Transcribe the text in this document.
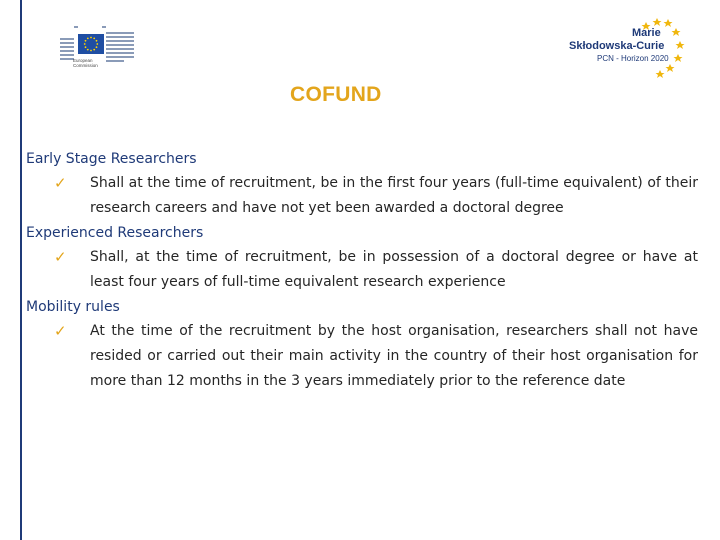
European
Commission
Marie
Skłodowska-Curie
PCN - Horizon 2020
COFUND
Early Stage Researchers
✓ Shall at the time of recruitment, be in the first four years (full-time equivalent) of their research careers and have not yet been awarded a doctoral degree
Experienced Researchers
✓ Shall, at the time of recruitment, be in possession of a doctoral degree or have at least four years of full-time equivalent research experience
Mobility rules
✓ At the time of the recruitment by the host organisation, researchers shall not have resided or carried out their main activity in the country of their host organisation for more than 12 months in the 3 years immediately prior to the reference date
